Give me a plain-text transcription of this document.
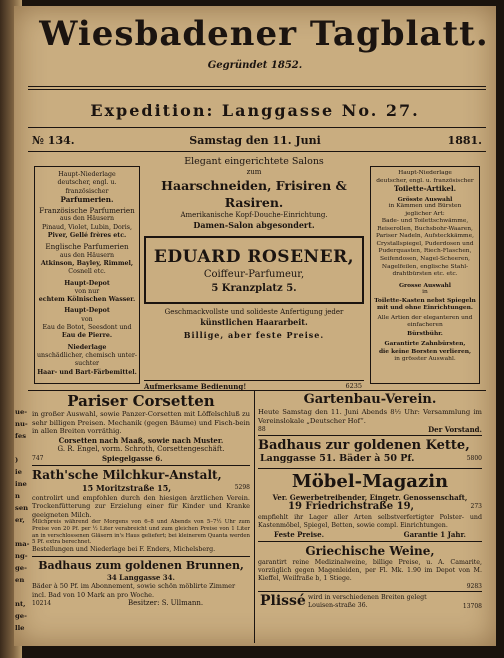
Wiesbadener Tagblatt.
Gegründet 1852.
Expedition: Langgasse No. 27.
№ 134.	Samstag den 11. Juni	1881.
Haupt-Niederlage
deutscher, engl. u. französischer
Parfumerien.
Französische Parfumerien
aus den Häusern
Pinaud, Violet, Lubin, Doris,
Piver, Gellé frères etc.
Englische Parfumerien
aus den Häusern
Atkinson, Bayley, Rimmel,
Cosnell etc.
Haupt-Depot
von nur
echtem Kölnischen Wasser.
Haupt-Depot
von
Eau de Botot, Seesdont und
Eau de Pierre.
Niederlage
unschädlicher, chemisch unter-
suchter
Haar- und Bart-Färbemittel.
Elegant eingerichtete Salons
zum
Haarschneiden, Frisiren & Rasiren.
Amerikanische Kopf-Douche-Einrichtung.
Damen-Salon abgesondert.
EDUARD ROSENER,
Coiffeur-Parfumeur,
5 Kranzplatz 5.
Geschmackvollste und solideste Anfertigung jeder
künstlichen Haararbeit.
Billige, aber feste Preise.
Aufmerksame Bedienung!	6235
Haupt-Niederlage
deutscher, engl. u. französischer
Toilette-Artikel.
Grösste Auswahl
in Kämmen und Bürsten
jeglicher Art:
Bade- und Toilettschwämme,
Reiserollen, Buchsbohr-Waaren,
Pariser Nadeln, Aufsteckkämme,
Crystallspiegel, Puderdosen und
Puderquasten, Riech-Flaschen,
Seifendosen, Nagel-Scheeren,
Nagelfeilen, englische Stahl-
drahtbürsten etc. etc.
Grosse Auswahl
in
Toilette-Kasten nebst Spiegeln
mit und ohne Einrichtungen.
Alle Artien der eleganteren und
einfacheren
Bürstbühr.
Garantirte Zahnbürsten,
die keine Borsten verlieren,
in grösster Auswahl.
Pariser Corsetten
in großer Auswahl, sowie Panzer-Corsetten mit Löffelschluß zu sehr billigen Preisen. Mechanik (gegen Bäume) und Fisch-bein in allen Breiten vorräthig.
Corsetten nach Maaß, sowie nach Muster.
G. R. Engel, vorm. Schroth, Corsettengeschäft.
747	Spiegelgasse 6.
Rath'sche Milchkur-Anstalt,
15 Moritzstraße 15,	5298
controlirt und empfohlen durch den hiesigen ärztlichen Verein. Trockenfütterung zur Erzielung einer für Kinder und Kranke geeigneten Milch.
Milchpreis während der Morgens von 6–8 und Abends von 5–7½ Uhr zum Preise von 20 Pf. per ½ Liter verabreicht und zum gleichen Preise von 1 Liter an in verschlossenen Gläsern in's Haus geliefert; bei kleinerem Quanta werden 5 Pf. extra berechnet.
Bestellungen und Niederlage bei F. Enders, Michelsberg.
Badhaus zum goldenen Brunnen,
34 Langgasse 34.
Bäder à 50 Pf. im Abonnement, sowie schön möblirte Zimmer incl. Bad von 10 Mark an pro Woche.
10214	Besitzer: S. Ullmann.
Gartenbau-Verein.
Heute Samstag den 11. Juni Abends 8½ Uhr: Versammlung im Vereinslokale „Deutscher Hof“.
88	Der Vorstand.
Badhaus zur goldenen Kette,
Langgasse 51. Bäder à 50 Pf.	5800
Möbel-Magazin
Ver. Gewerbetreibender, Eingetr. Genossenschaft,
19 Friedrichstraße 19,	273
empfiehlt ihr Lager aller Arten selbstverfertigter Polster- und Kastenmöbel, Spiegel, Betten, sowie compl. Einrichtungen.
Feste Preise.	Garantie 1 Jahr.
Griechische Weine,
garantirt reine Medizinalweine, billige Preise, u. A. Camarite, vorzüglich gegen Magenleiden, per Fl. Mk. 1.90 im Depot von M. Kieffel, Weilfraße b, 1 Stiege.
9283
Plissé wird in verschiedenen Breiten gelegt Louisen-straße 36.	13708
ue-
nu-
fes

)
ie
ine
n
sen
er,

ma-
ng-
ge-
en

nt,
ge-
lle
